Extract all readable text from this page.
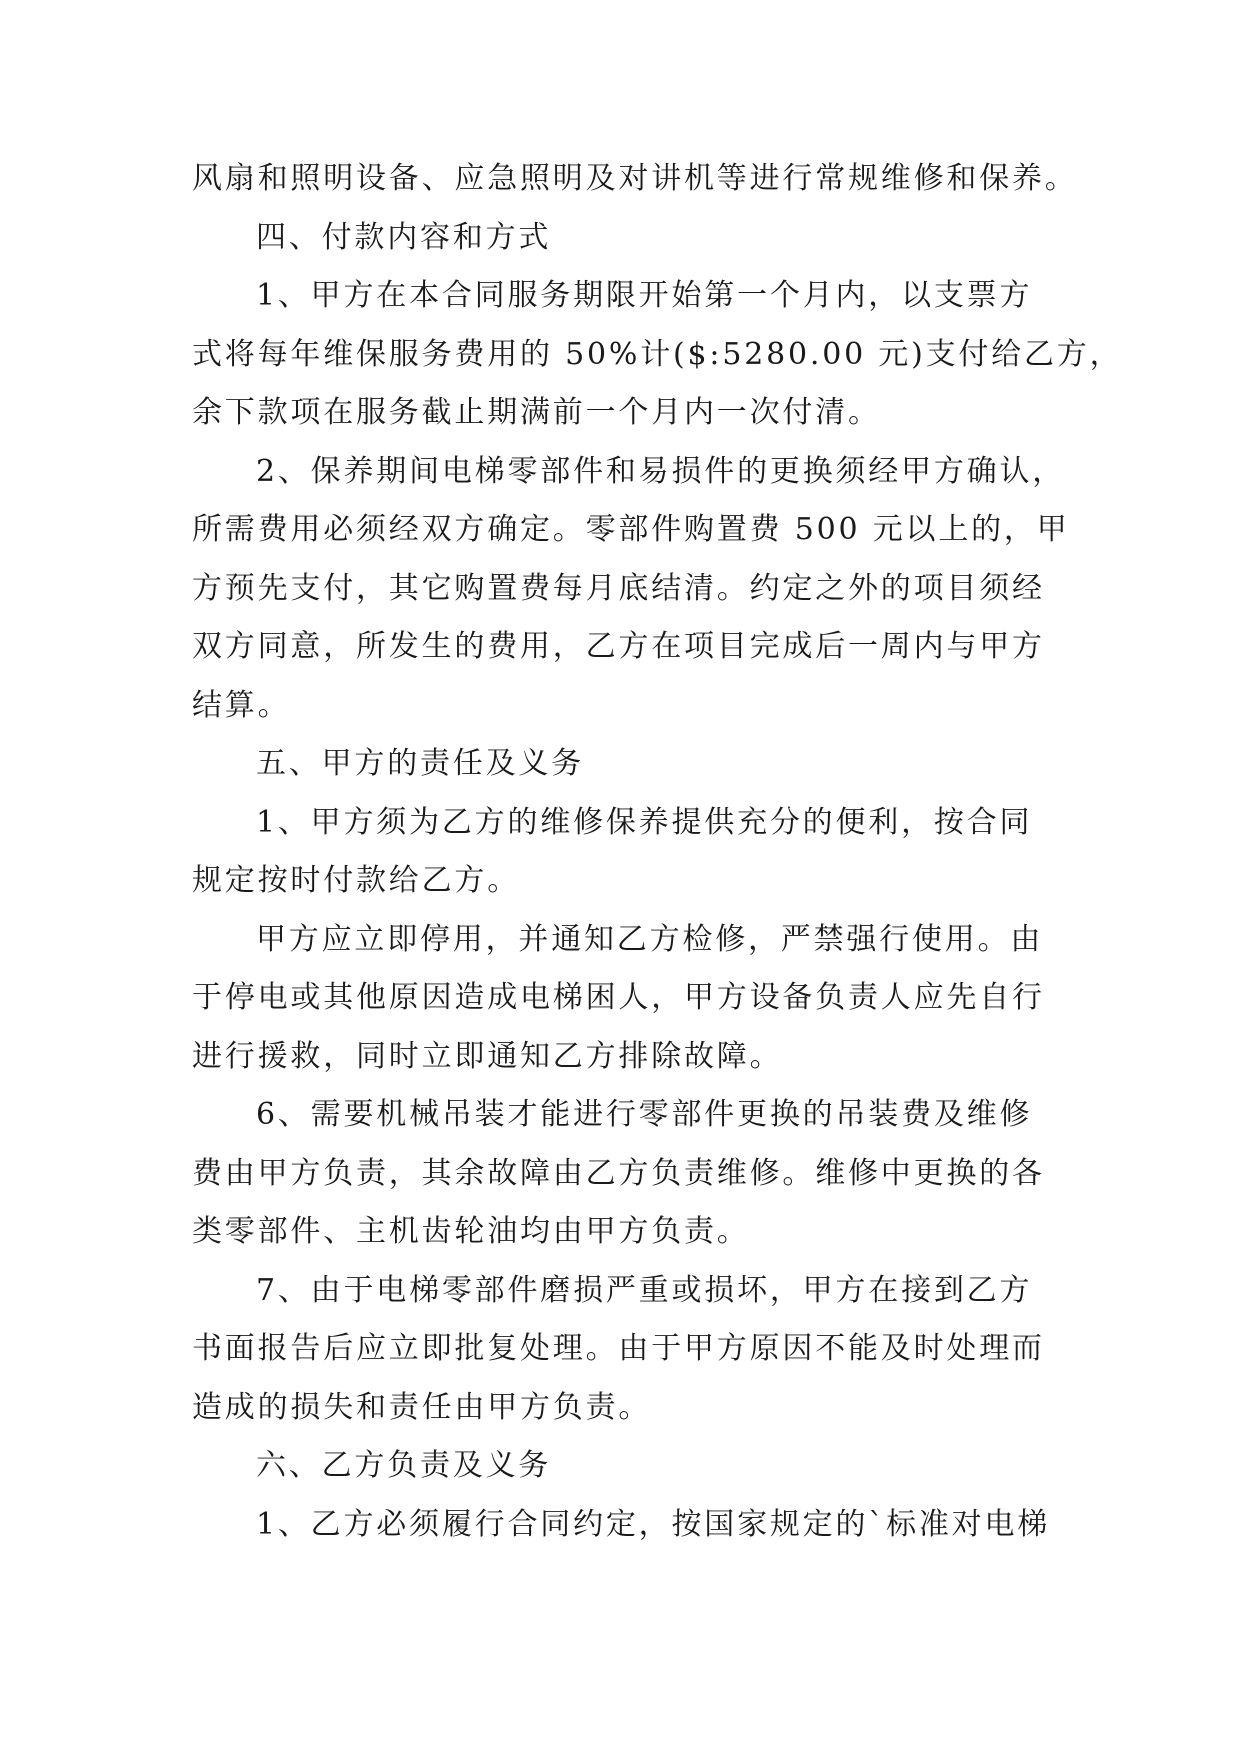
风扇和照明设备、应急照明及对讲机等进行常规维修和保养。
四、付款内容和方式
1、甲方在本合同服务期限开始第一个月内，以支票方
式将每年维保服务费用的 50%计($:5280.00 元)支付给乙方，
余下款项在服务截止期满前一个月内一次付清。
2、保养期间电梯零部件和易损件的更换须经甲方确认，
所需费用必须经双方确定。零部件购置费 500 元以上的，甲
方预先支付，其它购置费每月底结清。约定之外的项目须经
双方同意，所发生的费用，乙方在项目完成后一周内与甲方
结算。
五、甲方的责任及义务
1、甲方须为乙方的维修保养提供充分的便利，按合同
规定按时付款给乙方。
甲方应立即停用，并通知乙方检修，严禁强行使用。由
于停电或其他原因造成电梯困人，甲方设备负责人应先自行
进行援救，同时立即通知乙方排除故障。
6、需要机械吊装才能进行零部件更换的吊装费及维修
费由甲方负责，其余故障由乙方负责维修。维修中更换的各
类零部件、主机齿轮油均由甲方负责。
7、由于电梯零部件磨损严重或损坏，甲方在接到乙方
书面报告后应立即批复处理。由于甲方原因不能及时处理而
造成的损失和责任由甲方负责。
六、乙方负责及义务
1、乙方必须履行合同约定，按国家规定的`标准对电梯
